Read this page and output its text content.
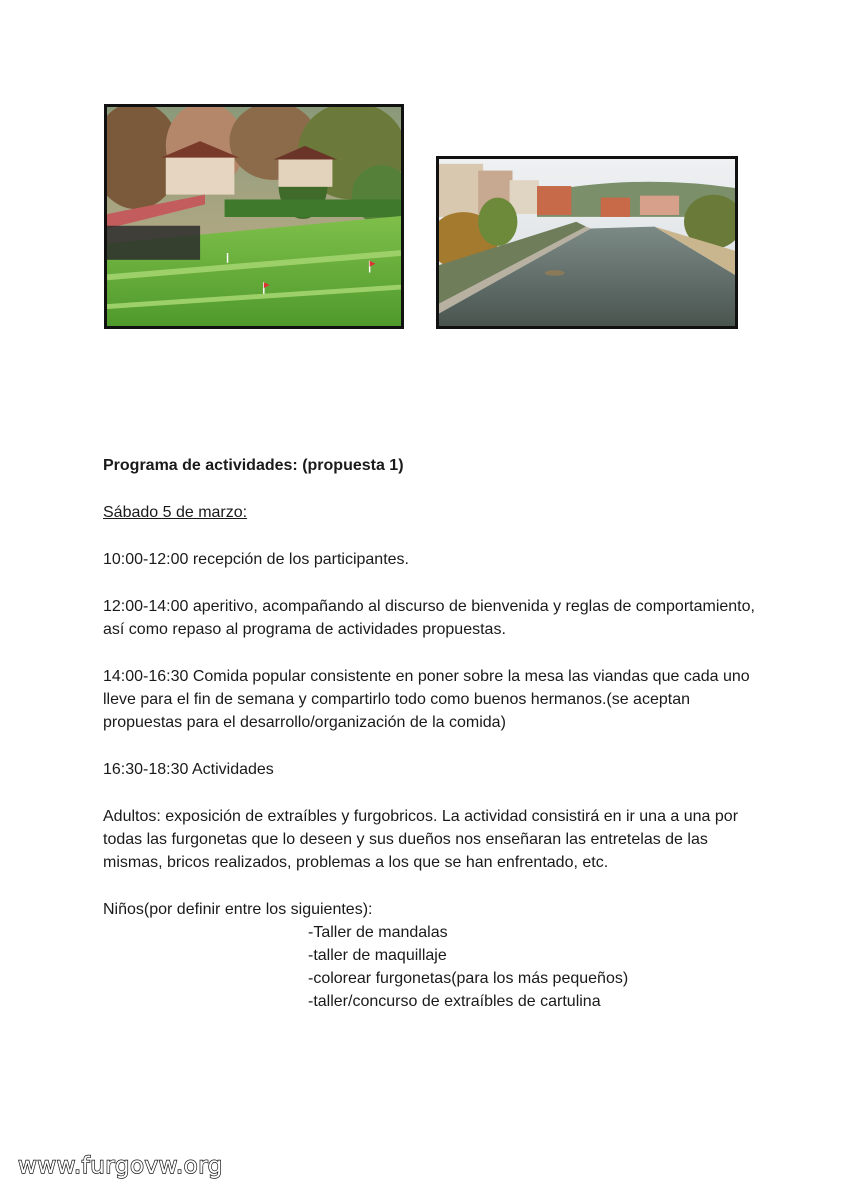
Programa de actividades: (propuesta 1)

Sábado 5 de marzo:

10:00-12:00 recepción de los participantes.

12:00-14:00 aperitivo, acompañando al discurso de bienvenida y reglas de comportamiento, así como repaso al programa de actividades propuestas.

14:00-16:30 Comida popular consistente en poner sobre la mesa las viandas que cada uno lleve para el fin de semana y compartirlo todo como buenos hermanos.(se aceptan propuestas para el desarrollo/organización de la comida)

16:30-18:30 Actividades

Adultos: exposición de extraíbles y furgobricos. La actividad consistirá en ir una a una por todas las furgonetas que lo deseen y sus dueños nos enseñaran las entretelas de las mismas, bricos realizados, problemas a los que se han enfrentado, etc.

Niños(por definir entre los siguientes):

-Taller de mandalas
-taller de maquillaje
-colorear furgonetas(para los más pequeños)
-taller/concurso de extraíbles de cartulina
www.furgovw.org
